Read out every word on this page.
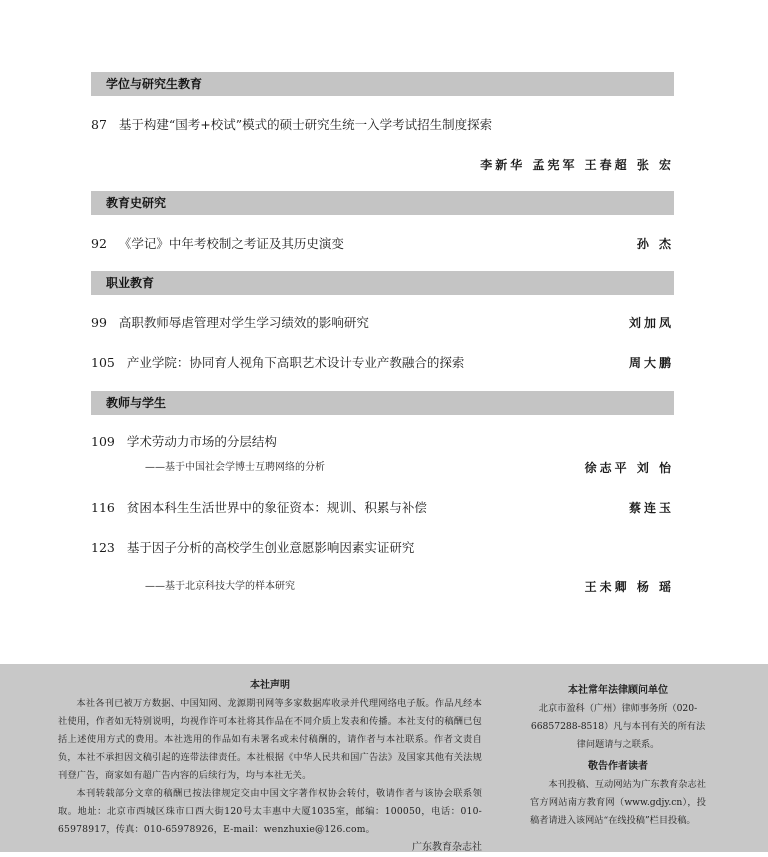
学位与研究生教育
教育史研究
职业教育
教师与学生
87 基于构建“国考+校试”模式的硕士研究生统一入学考试招生制度探索
李新华 孟宪军 王春超 张 宏
92 《学记》中年考校制之考证及其历史演变	孙 杰
99 高职教师辱虐管理对学生学习绩效的影响研究	刘加凤
105 产业学院：协同育人视角下高职艺术设计专业产教融合的探索	周大鹏
109 学术劳动力市场的分层结构
——基于中国社会学博士互聘网络的分析	徐志平 刘 怡
116 贫困本科生生活世界中的象征资本：规训、积累与补偿	蔡连玉
123 基于因子分析的高校学生创业意愿影响因素实证研究
——基于北京科技大学的样本研究	王未卿 杨 瑶
本社声明

本社各刊已被万方数据、中国知网、龙源期刊网等多家数据库收录并代理网络电子版。作品凡经本社使用，作者如无特别说明，均视作许可本社将其作品在不同介质上发表和传播。本社支付的稿酬已包括上述使用方式的费用。本社选用的作品如有未署名或未付稿酬的，请作者与本社联系。作者文责自负，本社不承担因文稿引起的连带法律责任。本社根据《中华人民共和国广告法》及国家其他有关法规刊登广告，商家如有超广告内容的后续行为，均与本社无关。

本刊转载部分文章的稿酬已按法律规定交由中国文字著作权协会转付，敬请作者与该协会联系领取。地址：北京市西城区珠市口西大街120号太丰惠中大厦1035室，邮编：100050，电话：010-65978917，传真：010-65978926，E-mail：wenzhuxie@126.com。

广东教育杂志社
本社常年法律顾问单位
北京市盈科（广州）律师事务所（020-66857288-8518）凡与本刊有关的所有法律问题请与之联系。
敬告作者读者

本刊投稿、互动网站为广东教育杂志社官方网站南方教育网（www.gdjy.cn），投稿者请进入该网站“在线投稿”栏目投稿。
